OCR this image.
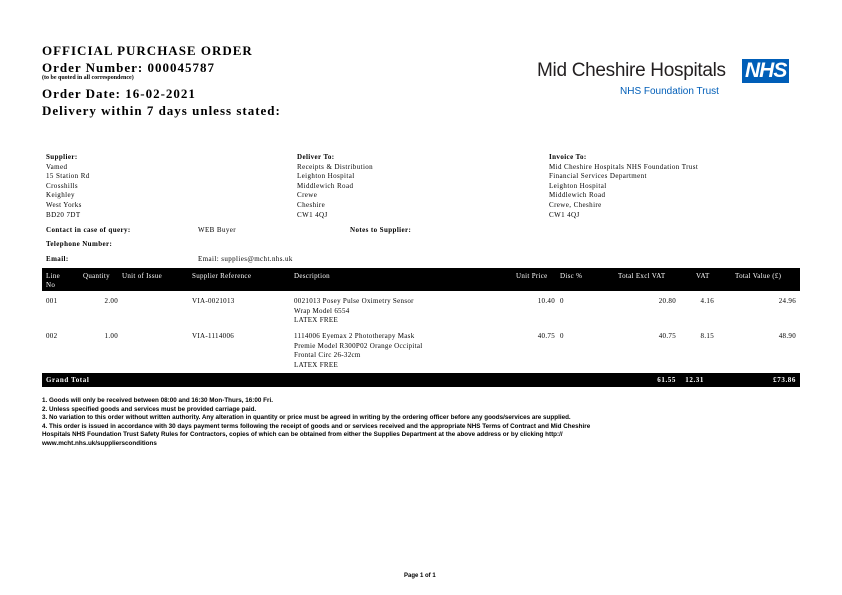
OFFICIAL PURCHASE ORDER
Order Number: 000045787
(to be quoted in all correspondence)
Order Date: 16-02-2021
Delivery within 7 days unless stated:
Mid Cheshire Hospitals NHS
NHS Foundation Trust
Supplier:
Vamed
15 Station Rd
Crosshills
Keighley
West Yorks
BD20 7DT
Deliver To:
Receipts & Distribution
Leighton Hospital
Middlewich Road
Crewe
Cheshire
CW1 4QJ
Invoice To:
Mid Cheshire Hospitals NHS Foundation Trust
Financial Services Department
Leighton Hospital
Middlewich Road
Crewe, Cheshire
CW1 4QJ
Contact in case of query:	WEB Buyer	Notes to Supplier:
Telephone Number:
Email:	Email: supplies@mcht.nhs.uk
Line
No
Quantity Unit of Issue	Supplier Reference	Description	Unit Price Disc %	Total Excl VAT	VAT	Total Value (£)
001	2.00	VIA-0021013	0021013 Posey Pulse Oximetry Sensor
Wrap Model 6554
LATEX FREE
10.40 0	20.80	4.16	24.96
002	1.00	VIA-1114006	1114006 Eyemax 2 Phototherapy Mask
Premie Model R300P02 Orange Occipital
Frontal Circ 26-32cm
LATEX FREE
40.75 0	40.75	8.15	48.90
Grand Total	61.55	12.31	£73.86
1. Goods will only be received between 08:00 and 16:30 Mon-Thurs, 16:00 Fri.
2. Unless specified goods and services must be provided carriage paid.
3. No variation to this order without written authority. Any alteration in quantity or price must be agreed in writing by the ordering officer before any goods/services are supplied.
4. This order is issued in accordance with 30 days payment terms following the receipt of goods and or services received and the appropriate NHS Terms of Contract and Mid Cheshire
Hospitals NHS Foundation Trust Safety Rules for Contractors, copies of which can be obtained from either the Supplies Department at the above address or by clicking http://
www.mcht.nhs.uk/suppliersconditions
Page 1 of 1
